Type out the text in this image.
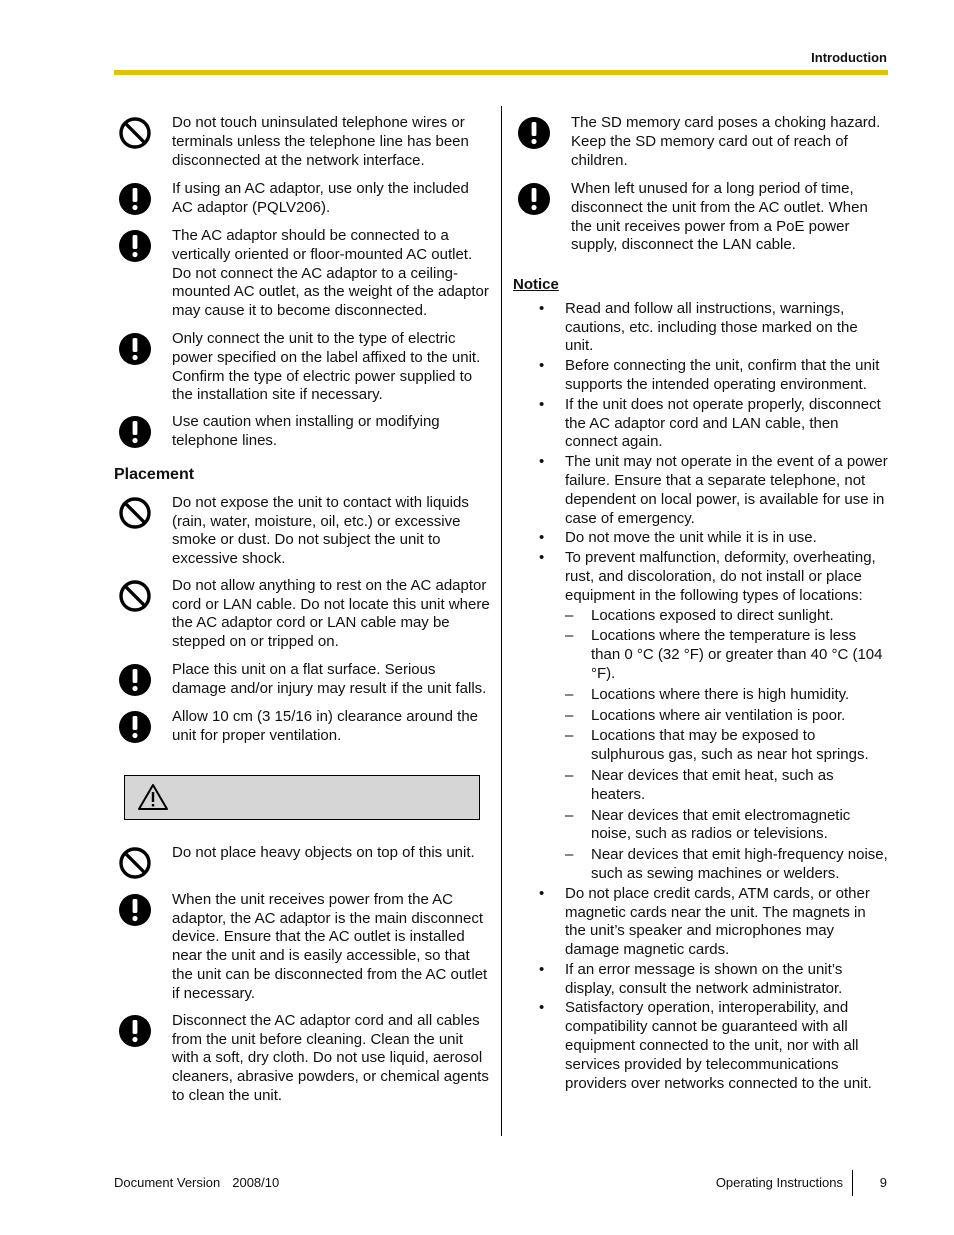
Introduction
Do not touch uninsulated telephone wires or terminals unless the telephone line has been disconnected at the network interface.
If using an AC adaptor, use only the included AC adaptor (PQLV206).
The AC adaptor should be connected to a vertically oriented or floor-mounted AC outlet. Do not connect the AC adaptor to a ceiling-mounted AC outlet, as the weight of the adaptor may cause it to become disconnected.
Only connect the unit to the type of electric power specified on the label affixed to the unit. Confirm the type of electric power supplied to the installation site if necessary.
Use caution when installing or modifying telephone lines.
Placement
Do not expose the unit to contact with liquids (rain, water, moisture, oil, etc.) or excessive smoke or dust. Do not subject the unit to excessive shock.
Do not allow anything to rest on the AC adaptor cord or LAN cable. Do not locate this unit where the AC adaptor cord or LAN cable may be stepped on or tripped on.
Place this unit on a flat surface. Serious damage and/or injury may result if the unit falls.
Allow 10 cm (3 15/16 in) clearance around the unit for proper ventilation.
Do not place heavy objects on top of this unit.
When the unit receives power from the AC adaptor, the AC adaptor is the main disconnect device. Ensure that the AC outlet is installed near the unit and is easily accessible, so that the unit can be disconnected from the AC outlet if necessary.
Disconnect the AC adaptor cord and all cables from the unit before cleaning. Clean the unit with a soft, dry cloth. Do not use liquid, aerosol cleaners, abrasive powders, or chemical agents to clean the unit.
The SD memory card poses a choking hazard. Keep the SD memory card out of reach of children.
When left unused for a long period of time, disconnect the unit from the AC outlet. When the unit receives power from a PoE power supply, disconnect the LAN cable.
Notice
• Read and follow all instructions, warnings, cautions, etc. including those marked on the unit.
• Before connecting the unit, confirm that the unit supports the intended operating environment.
• If the unit does not operate properly, disconnect the AC adaptor cord and LAN cable, then connect again.
• The unit may not operate in the event of a power failure. Ensure that a separate telephone, not dependent on local power, is available for use in case of emergency.
• Do not move the unit while it is in use.
• To prevent malfunction, deformity, overheating, rust, and discoloration, do not install or place equipment in the following types of locations:
– Locations exposed to direct sunlight.
– Locations where the temperature is less than 0 °C (32 °F) or greater than 40 °C (104 °F).
– Locations where there is high humidity.
– Locations where air ventilation is poor.
– Locations that may be exposed to sulphurous gas, such as near hot springs.
– Near devices that emit heat, such as heaters.
– Near devices that emit electromagnetic noise, such as radios or televisions.
– Near devices that emit high-frequency noise, such as sewing machines or welders.
• Do not place credit cards, ATM cards, or other magnetic cards near the unit. The magnets in the unit’s speaker and microphones may damage magnetic cards.
• If an error message is shown on the unit’s display, consult the network administrator.
• Satisfactory operation, interoperability, and compatibility cannot be guaranteed with all equipment connected to the unit, nor with all services provided by telecommunications providers over networks connected to the unit.
Document Version 2008/10	Operating Instructions	9
